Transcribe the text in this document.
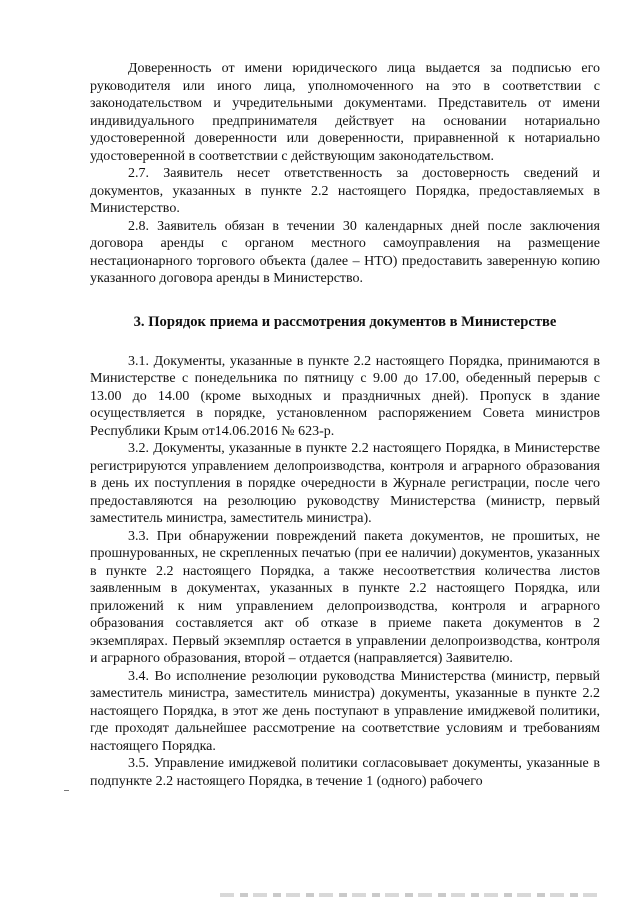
Доверенность от имени юридического лица выдается за подписью его руководителя или иного лица, уполномоченного на это в соответствии с законодательством и учредительными документами. Представитель от имени индивидуального предпринимателя действует на основании нотариально удостоверенной доверенности или доверенности, приравненной к нотариально удостоверенной в соответствии с действующим законодательством.

2.7. Заявитель несет ответственность за достоверность сведений и документов, указанных в пункте 2.2 настоящего Порядка, предоставляемых в Министерство.

2.8. Заявитель обязан в течении 30 календарных дней после заключения договора аренды с органом местного самоуправления на размещение нестационарного торгового объекта (далее – НТО) предоставить заверенную копию указанного договора аренды в Министерство.

3. Порядок приема и рассмотрения документов в Министерстве

3.1. Документы, указанные в пункте 2.2 настоящего Порядка, принимаются в Министерстве с понедельника по пятницу с 9.00 до 17.00, обеденный перерыв с 13.00 до 14.00 (кроме выходных и праздничных дней). Пропуск в здание осуществляется в порядке, установленном распоряжением Совета министров Республики Крым от14.06.2016 № 623-р.

3.2. Документы, указанные в пункте 2.2 настоящего Порядка, в Министерстве регистрируются управлением делопроизводства, контроля и аграрного образования в день их поступления в порядке очередности в Журнале регистрации, после чего предоставляются на резолюцию руководству Министерства (министр, первый заместитель министра, заместитель министра).

3.3. При обнаружении повреждений пакета документов, не прошитых, не прошнурованных, не скрепленных печатью (при ее наличии) документов, указанных в пункте 2.2 настоящего Порядка, а также несоответствия количества листов заявленным в документах, указанных в пункте 2.2 настоящего Порядка, или приложений к ним управлением делопроизводства, контроля и аграрного образования составляется акт об отказе в приеме пакета документов в 2 экземплярах. Первый экземпляр остается в управлении делопроизводства, контроля и аграрного образования, второй – отдается (направляется) Заявителю.

3.4. Во исполнение резолюции руководства Министерства (министр, первый заместитель министра, заместитель министра) документы, указанные в пункте 2.2 настоящего Порядка, в этот же день поступают в управление имиджевой политики, где проходят дальнейшее рассмотрение на соответствие условиям и требованиям настоящего Порядка.

3.5. Управление имиджевой политики согласовывает документы, указанные в подпункте 2.2 настоящего Порядка, в течение 1 (одного) рабочего
